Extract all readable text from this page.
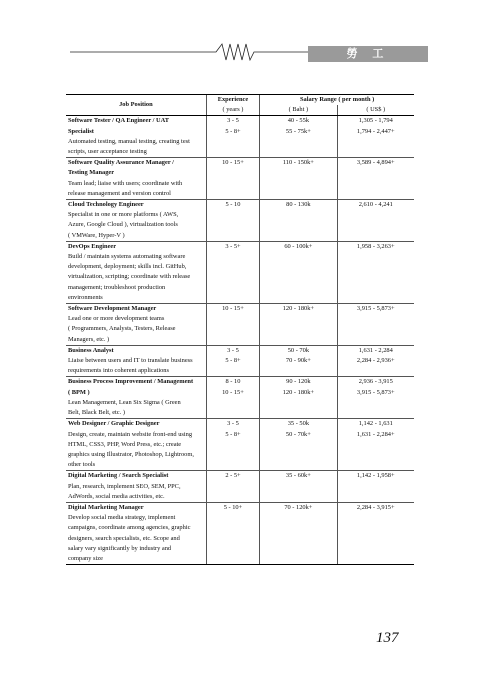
勞 工
Job Position	Experience	Salary Range ( per month )	
	( years )	( Baht )	( US$ )
Software Tester / QA Engineer / UAT	3 - 5	40 - 55k	1,305 - 1,794
Specialist	5 - 8+	55 - 75k+	1,794 - 2,447+
Automated testing, manual testing, creating test			
scripts, user acceptance testing			
Software Quality Assurance Manager /	10 - 15+	110 - 150k+	3,589 - 4,894+
Testing Manager			
Team lead; liaise with users; coordinate with			
release management and version control			
Cloud Technology Engineer	5 - 10	80 - 130k	2,610 - 4,241
Specialist in one or more platforms ( AWS,			
Azure, Google Cloud ), virtualization tools			
( VMWare, Hyper-V )			
DevOps Engineer	3 - 5+	60 - 100k+	1,958 - 3,263+
Build / maintain systems automating software			
development, deployment; skills incl. GitHub,			
virtualization, scripting; coordinate with release			
management; troubleshoot production			
environments			
Software Development Manager	10 - 15+	120 - 180k+	3,915 - 5,873+
Lead one or more development teams			
( Programmers, Analysts, Testers, Release			
Managers, etc. )			
Business Analyst	3 - 5	50 - 70k	1,631 - 2,284
Liaise between users and IT to translate business	5 - 8+	70 - 90k+	2,284 - 2,936+
requirements into coherent applications			
Business Process Improvement / Management	8 - 10	90 - 120k	2,936 - 3,915
( BPM )	10 - 15+	120 - 180k+	3,915 - 5,873+
Lean Management, Lean Six Sigma ( Green			
Belt, Black Belt, etc. )			
Web Designer / Graphic Designer	3 - 5	35 - 50k	1,142 - 1,631
Design, create, maintain website front-end using	5 - 8+	50 - 70k+	1,631 - 2,284+
HTML, CSS3, PHP, Word Press, etc.; create			
graphics using Illustrator, Photoshop, Lightroom,			
other tools			
Digital Marketing / Search Specialist	2 - 5+	35 - 60k+	1,142 - 1,958+
Plan, research, implement SEO, SEM, PPC,			
AdWords, social media activities, etc.			
Digital Marketing Manager	5 - 10+	70 - 120k+	2,284 - 3,915+
Develop social media strategy, implement			
campaigns, coordinate among agencies, graphic			
designers, search specialists, etc. Scope and			
salary vary significantly by industry and			
company size			
137
